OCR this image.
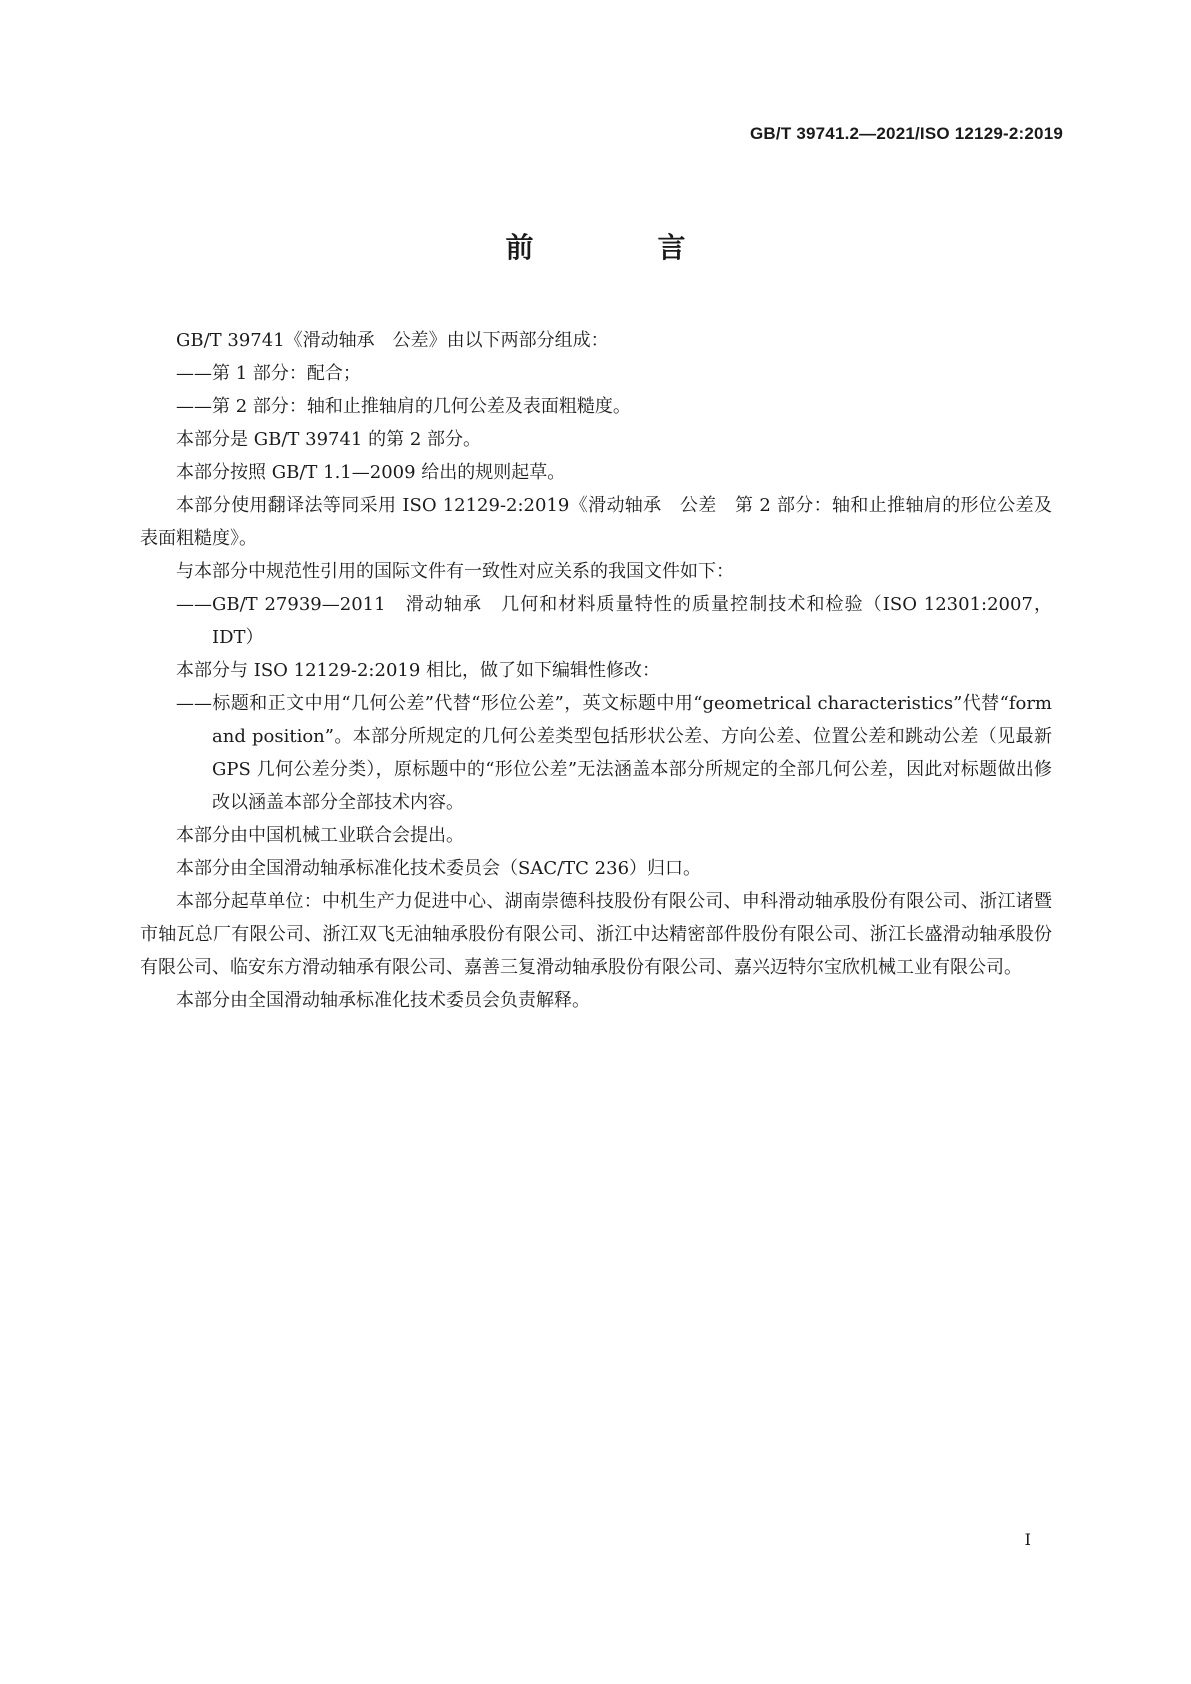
GB/T 39741.2—2021/ISO 12129-2:2019
前　言

GB/T 39741《滑动轴承　公差》由以下两部分组成：

——第 1 部分：配合；

——第 2 部分：轴和止推轴肩的几何公差及表面粗糙度。

本部分是 GB/T 39741 的第 2 部分。

本部分按照 GB/T 1.1—2009 给出的规则起草。

本部分使用翻译法等同采用 ISO 12129-2:2019《滑动轴承　公差　第 2 部分：轴和止推轴肩的形位公差及表面粗糙度》。

与本部分中规范性引用的国际文件有一致性对应关系的我国文件如下：

——GB/T 27939—2011　滑动轴承　几何和材料质量特性的质量控制技术和检验（ISO 12301:2007，IDT）

本部分与 ISO 12129-2:2019 相比，做了如下编辑性修改：

——标题和正文中用“几何公差”代替“形位公差”，英文标题中用“geometrical characteristics”代替“form and position”。本部分所规定的几何公差类型包括形状公差、方向公差、位置公差和跳动公差（见最新 GPS 几何公差分类），原标题中的“形位公差”无法涵盖本部分所规定的全部几何公差，因此对标题做出修改以涵盖本部分全部技术内容。

本部分由中国机械工业联合会提出。

本部分由全国滑动轴承标准化技术委员会（SAC/TC 236）归口。

本部分起草单位：中机生产力促进中心、湖南崇德科技股份有限公司、申科滑动轴承股份有限公司、浙江诸暨市轴瓦总厂有限公司、浙江双飞无油轴承股份有限公司、浙江中达精密部件股份有限公司、浙江长盛滑动轴承股份有限公司、临安东方滑动轴承有限公司、嘉善三复滑动轴承股份有限公司、嘉兴迈特尔宝欣机械工业有限公司。

本部分由全国滑动轴承标准化技术委员会负责解释。

I
